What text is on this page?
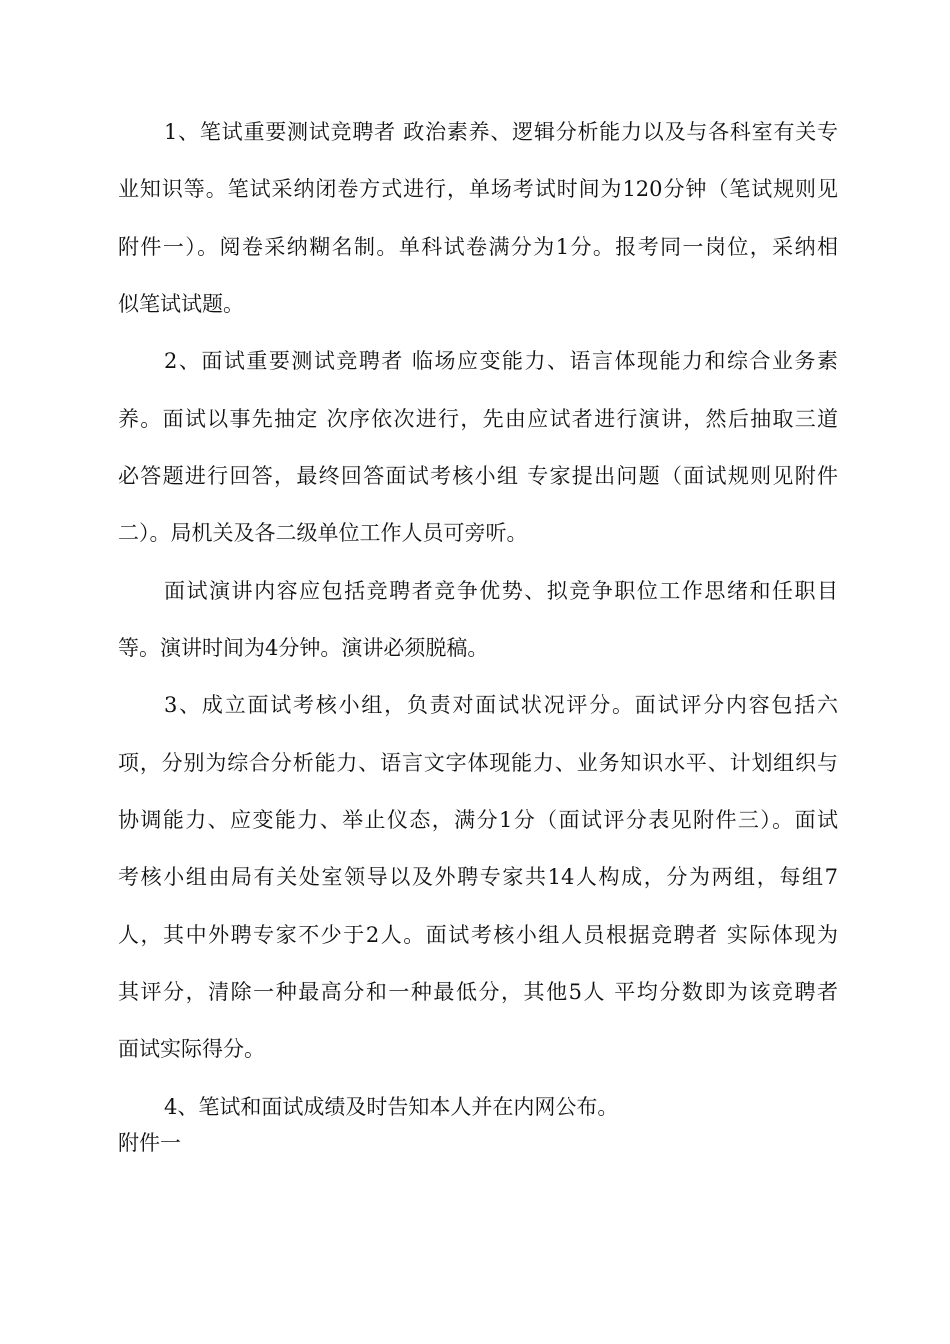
1、笔试重要测试竞聘者 政治素养、逻辑分析能力以及与各科室有关专
业知识等。笔试采纳闭卷方式进行，单场考试时间为120分钟（笔试规则见
附件一）。阅卷采纳糊名制。单科试卷满分为1分。报考同一岗位，采纳相
似笔试试题。
2、面试重要测试竞聘者 临场应变能力、语言体现能力和综合业务素
养。面试以事先抽定 次序依次进行，先由应试者进行演讲，然后抽取三道
必答题进行回答，最终回答面试考核小组 专家提出问题（面试规则见附件
二）。局机关及各二级单位工作人员可旁听。
面试演讲内容应包括竞聘者竞争优势、拟竞争职位工作思绪和任职目
等。演讲时间为4分钟。演讲必须脱稿。
3、成立面试考核小组，负责对面试状况评分。面试评分内容包括六
项，分别为综合分析能力、语言文字体现能力、业务知识水平、计划组织与
协调能力、应变能力、举止仪态，满分1分（面试评分表见附件三）。面试
考核小组由局有关处室领导以及外聘专家共14人构成，分为两组，每组7
人，其中外聘专家不少于2人。面试考核小组人员根据竞聘者 实际体现为
其评分，清除一种最高分和一种最低分，其他5人 平均分数即为该竞聘者
面试实际得分。
4、笔试和面试成绩及时告知本人并在内网公布。
附件一
